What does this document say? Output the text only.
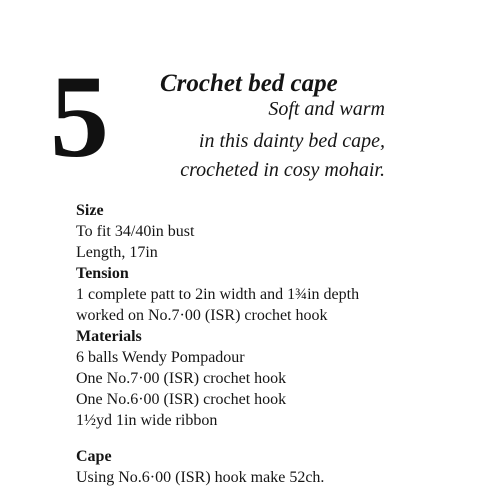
5 Crochet bed cape
Soft and warm
in this dainty bed cape,
crocheted in cosy mohair.
Size
To fit 34/40in bust
Length, 17in
Tension
1 complete patt to 2in width and 1¾in depth
worked on No.7·00 (ISR) crochet hook
Materials
6 balls Wendy Pompadour
One No.7·00 (ISR) crochet hook
One No.6·00 (ISR) crochet hook
1½yd 1in wide ribbon
Cape
Using No.6·00 (ISR) hook make 52ch.
